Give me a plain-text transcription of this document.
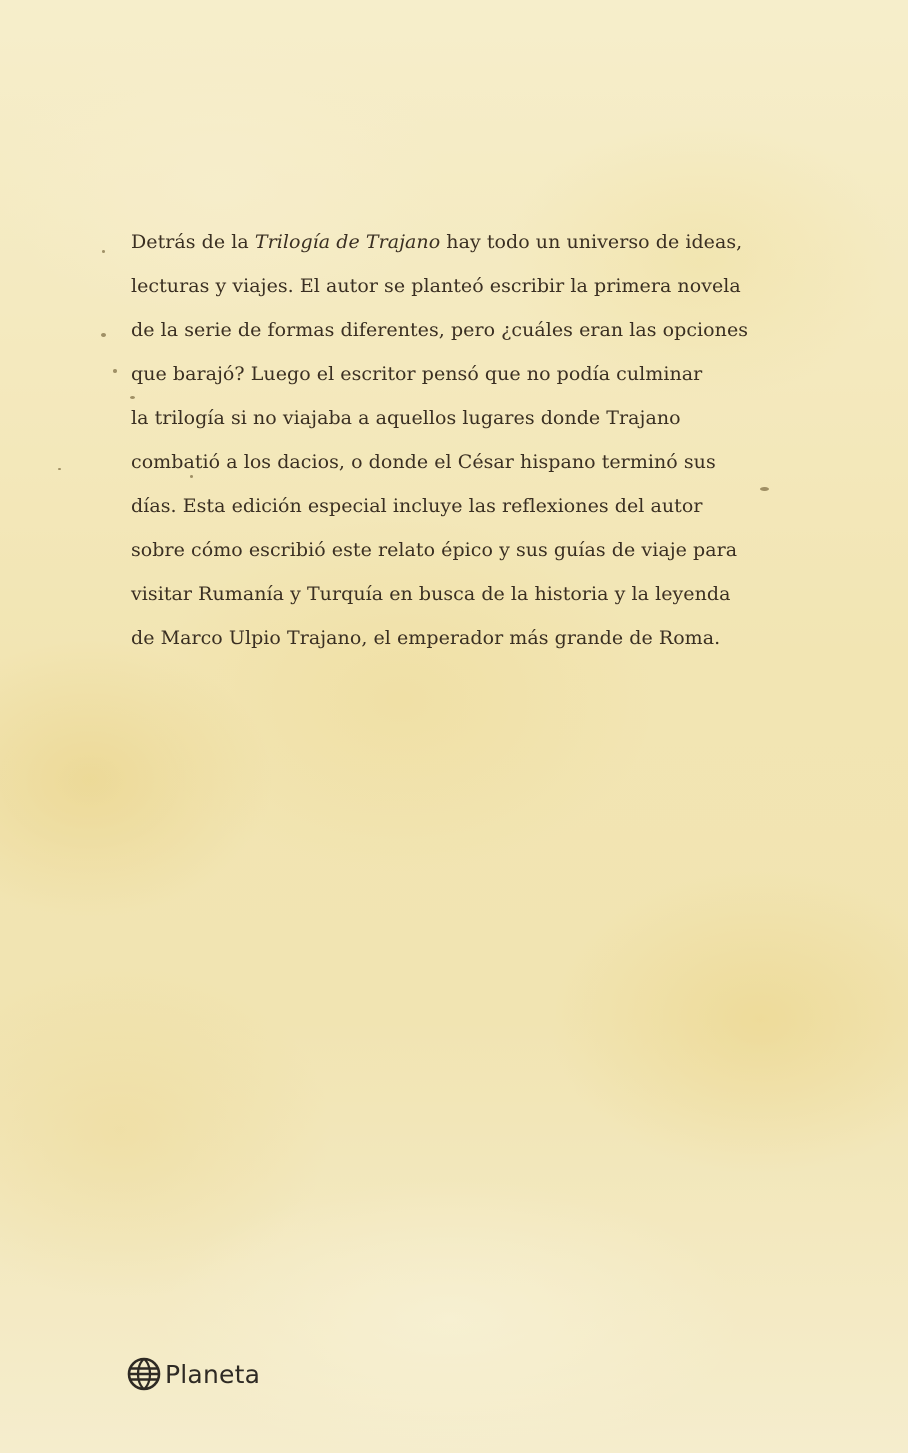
Detrás de la Trilogía de Trajano hay todo un universo de ideas,
lecturas y viajes. El autor se planteó escribir la primera novela
de la serie de formas diferentes, pero ¿cuáles eran las opciones
que barajó? Luego el escritor pensó que no podía culminar
la trilogía si no viajaba a aquellos lugares donde Trajano
combatió a los dacios, o donde el César hispano terminó sus
días. Esta edición especial incluye las reflexiones del autor
sobre cómo escribió este relato épico y sus guías de viaje para
visitar Rumanía y Turquía en busca de la historia y la leyenda
de Marco Ulpio Trajano, el emperador más grande de Roma.

Planeta
